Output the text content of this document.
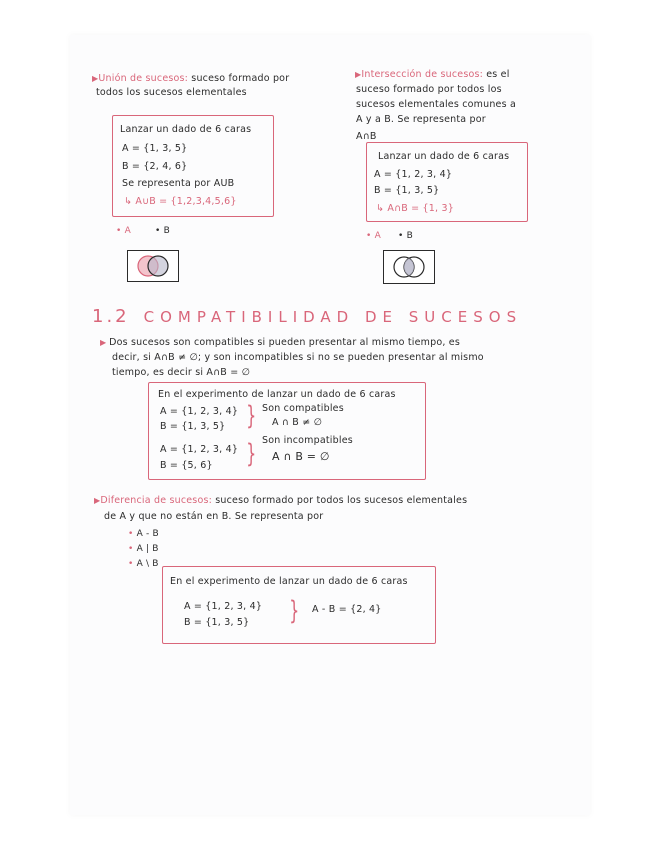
▶Unión de sucesos: suceso formado por
todos los sucesos elementales
Lanzar un dado de 6 caras
A = {1, 3, 5}
B = {2, 4, 6}
Se representa por AUB
↳ A∪B = {1,2,3,4,5,6}
• A	• B
▶Intersección de sucesos: es el
suceso formado por todos los
sucesos elementales comunes a
A y a B. Se representa por
A∩B
Lanzar un dado de 6 caras
A = {1, 2, 3, 4}
B = {1, 3, 5}
↳ A∩B = {1, 3}
• A • B
1.2 COMPATIBILIDAD DE SUCESOS
▶ Dos sucesos son compatibles si pueden presentar al mismo tiempo, es
decir, si A∩B ≠ ∅; y son incompatibles si no se pueden presentar al mismo
tiempo, es decir si A∩B = ∅
En el experimento de lanzar un dado de 6 caras
A = {1, 2, 3, 4}
B = {1, 3, 5} } Son compatibles
A ∩ B ≠ ∅
A = {1, 2, 3, 4}
B = {5, 6} } Son incompatibles
A ∩ B = ∅
▶Diferencia de sucesos: suceso formado por todos los sucesos elementales
de A y que no están en B. Se representa por
• A - B
• A | B
• A \ B
En el experimento de lanzar un dado de 6 caras
A = {1, 2, 3, 4}
B = {1, 3, 5} } A - B = {2, 4}
